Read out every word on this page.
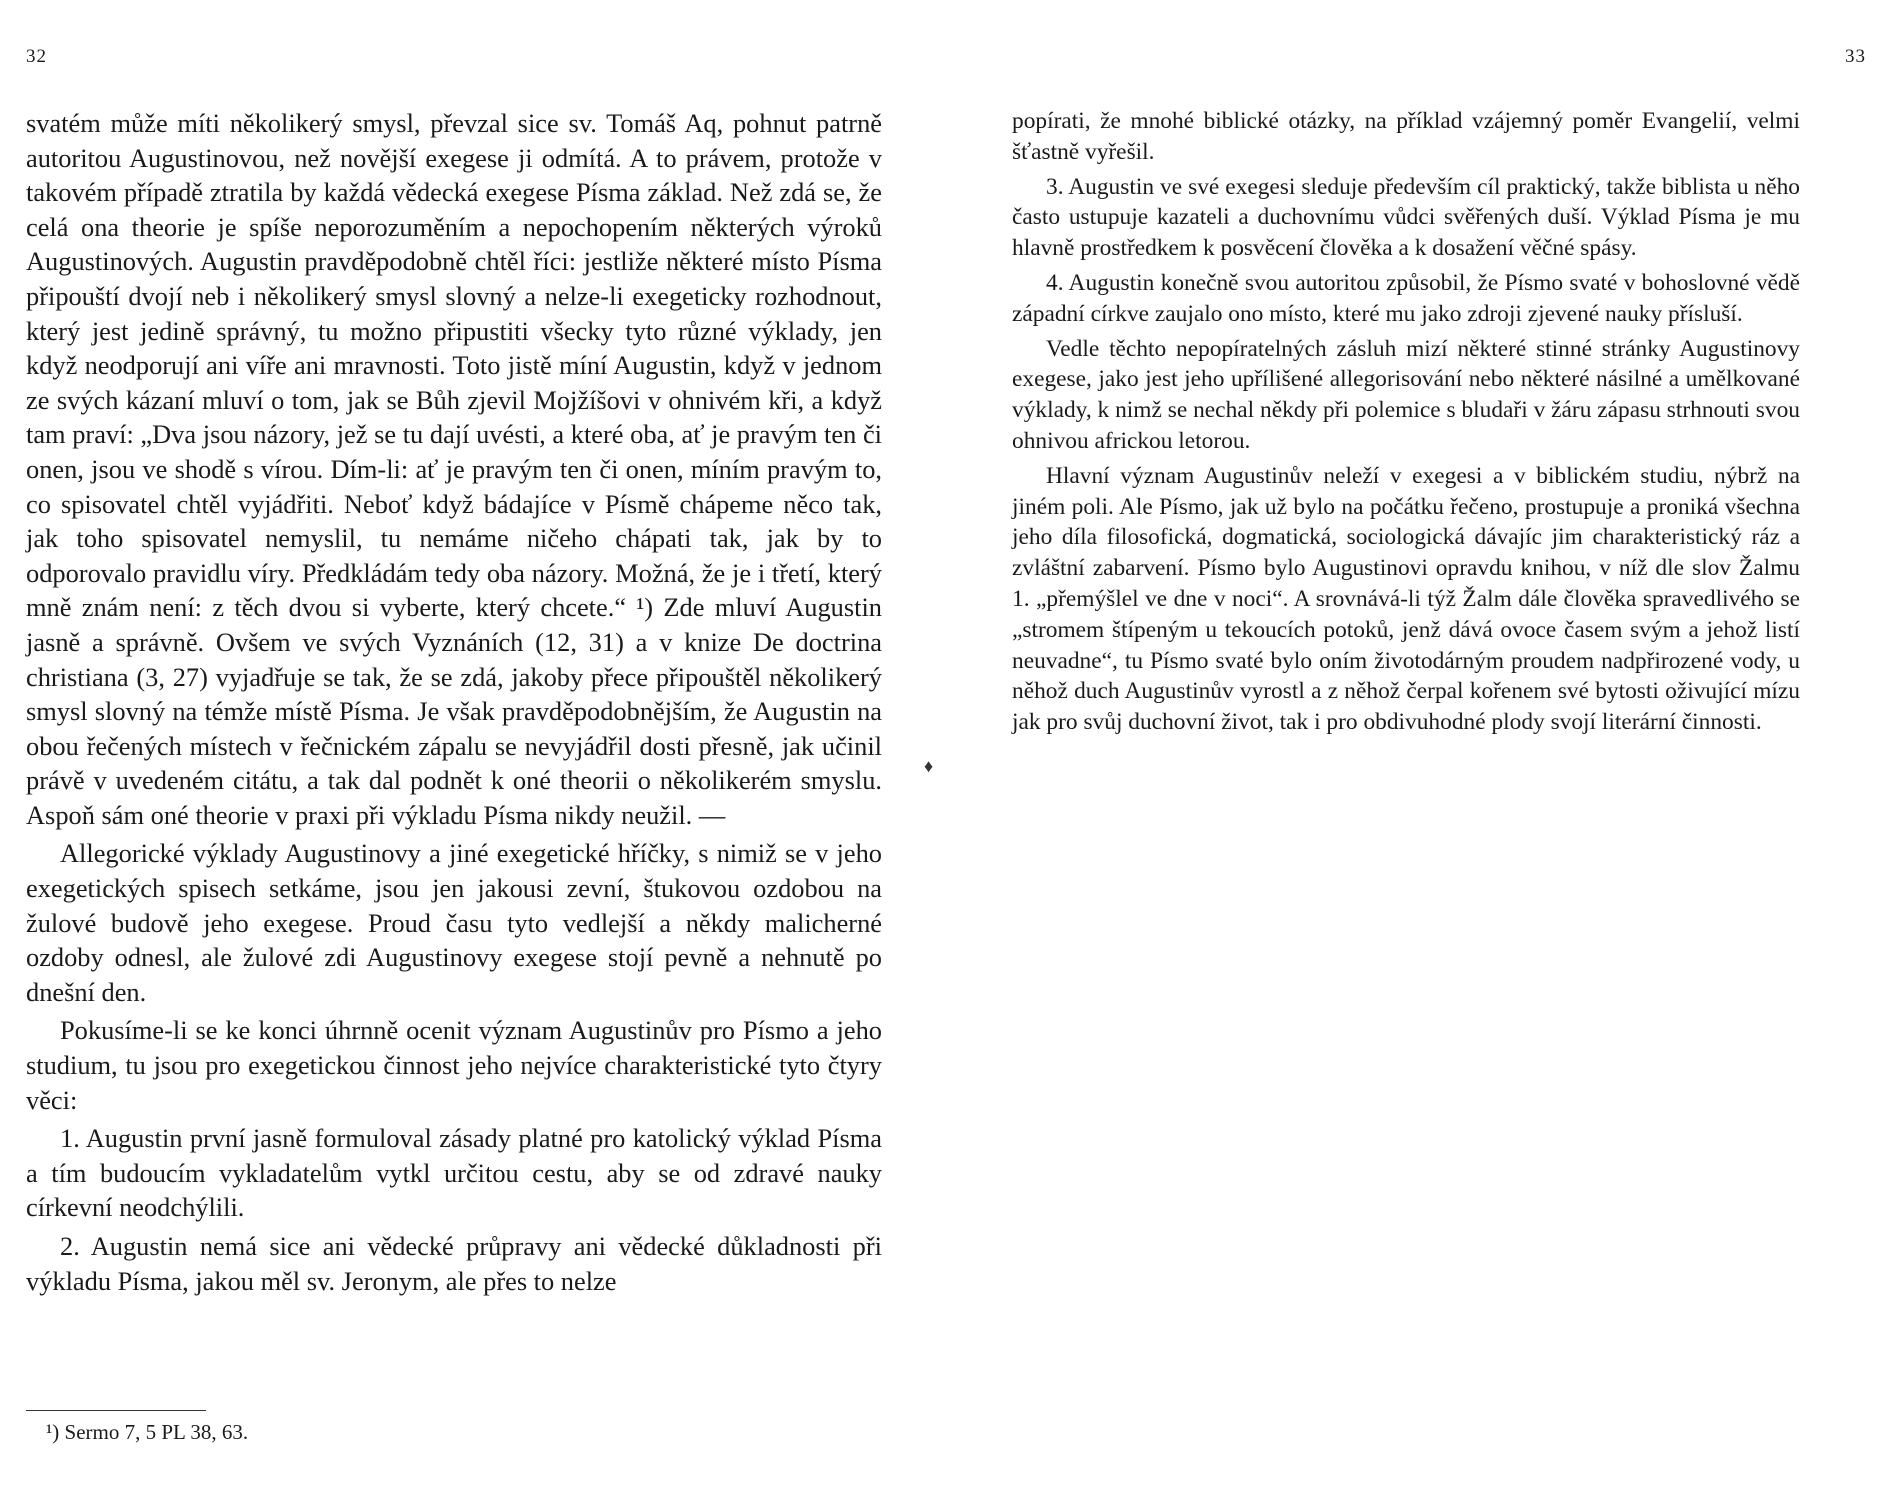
32

svatém může míti několikerý smysl, převzal sice sv. Tomáš Aq, pohnut patrně autoritou Augustinovou, než novější exegese ji odmítá. A to právem, protože v takovém případě ztratila by každá vědecká exegese Písma základ. Než zdá se, že celá ona theorie je spíše neporozuměním a nepochopením některých výroků Augustinových. Augustin pravděpodobně chtěl říci: jestliže některé místo Písma připouští dvojí neb i několikerý smysl slovný a nelze-li exegeticky rozhodnout, který jest jedině správný, tu možno připustiti všecky tyto různé výklady, jen když neodporují ani víře ani mravnosti. Toto jistě míní Augustin, když v jednom ze svých kázaní mluví o tom, jak se Bůh zjevil Mojžíšovi v ohnivém kři, a když tam praví: „Dva jsou názory, jež se tu dají uvésti, a které oba, ať je pravým ten či onen, jsou ve shodě s vírou. Dím-li: ať je pravým ten či onen, míním pravým to, co spisovatel chtěl vyjádřiti. Neboť když bádajíce v Písmě chápeme něco tak, jak toho spisovatel nemyslil, tu nemáme ničeho chápati tak, jak by to odporovalo pravidlu víry. Předkládám tedy oba názory. Možná, že je i třetí, který mně znám není: z těch dvou si vyberte, který chcete.“ ¹) Zde mluví Augustin jasně a správně. Ovšem ve svých Vyznáních (12, 31) a v knize De doctrina christiana (3, 27) vyjadřuje se tak, že se zdá, jakoby přece připouštěl několikerý smysl slovný na témže místě Písma. Je však pravděpodobnějším, že Augustin na obou řečených místech v řečnickém zápalu se nevyjádřil dosti přesně, jak učinil právě v uvedeném citátu, a tak dal podnět k oné theorii o několikerém smyslu. Aspoň sám oné theorie v praxi při výkladu Písma nikdy neužil. —

Allegorické výklady Augustinovy a jiné exegetické hříčky, s nimiž se v jeho exegetických spisech setkáme, jsou jen jakousi zevní, štukovou ozdobou na žulové budově jeho exegese. Proud času tyto vedlejší a někdy malicherné ozdoby odnesl, ale žulové zdi Augustinovy exegese stojí pevně a nehnutě po dnešní den.

Pokusíme-li se ke konci úhrnně ocenit význam Augustinův pro Písmo a jeho studium, tu jsou pro exegetickou činnost jeho nejvíce charakteristické tyto čtyry věci:

1. Augustin první jasně formuloval zásady platné pro katolický výklad Písma a tím budoucím vykladatelům vytkl určitou cestu, aby se od zdravé nauky církevní neodchýlili.

2. Augustin nemá sice ani vědecké průpravy ani vědecké důkladnosti při výkladu Písma, jakou měl sv. Jeronym, ale přes to nelze

¹) Sermo 7, 5 PL 38, 63.
♦
33

popírati, že mnohé biblické otázky, na příklad vzájemný poměr Evangelií, velmi šťastně vyřešil.

3. Augustin ve své exegesi sleduje především cíl praktický, takže biblista u něho často ustupuje kazateli a duchovnímu vůdci svěřených duší. Výklad Písma je mu hlavně prostředkem k posvěcení člověka a k dosažení věčné spásy.

4. Augustin konečně svou autoritou způsobil, že Písmo svaté v bohoslovné vědě západní církve zaujalo ono místo, které mu jako zdroji zjevené nauky přísluší.

Vedle těchto nepopíratelných zásluh mizí některé stinné stránky Augustinovy exegese, jako jest jeho upřílišené allegorisování nebo některé násilné a umělkované výklady, k nimž se nechal někdy při polemice s bludaři v žáru zápasu strhnouti svou ohnivou africkou letorou.

Hlavní význam Augustinův neleží v exegesi a v biblickém studiu, nýbrž na jiném poli. Ale Písmo, jak už bylo na počátku řečeno, prostupuje a proniká všechna jeho díla filosofická, dogmatická, sociologická dávajíc jim charakteristický ráz a zvláštní zabarvení. Písmo bylo Augustinovi opravdu knihou, v níž dle slov Žalmu 1. „přemýšlel ve dne v noci“. A srovnává-li týž Žalm dále člověka spravedlivého se „stromem štípeným u tekoucích potoků, jenž dává ovoce časem svým a jehož listí neuvadne“, tu Písmo svaté bylo oním životodárným proudem nadpřirozené vody, u něhož duch Augustinův vyrostl a z něhož čerpal kořenem své bytosti oživující mízu jak pro svůj duchovní život, tak i pro obdivuhodné plody svojí literární činnosti.
